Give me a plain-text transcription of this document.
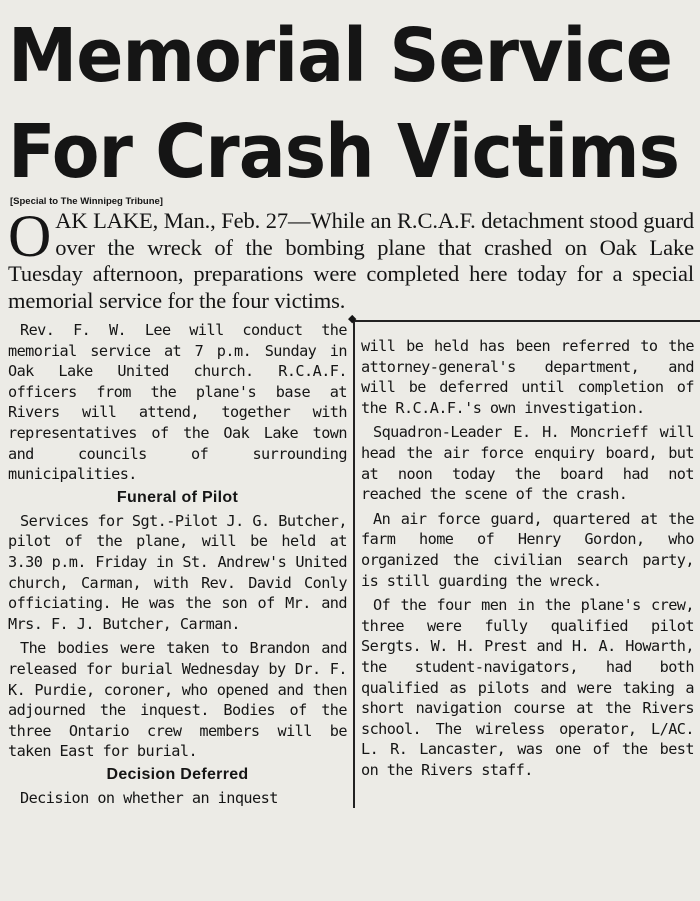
Memorial Service
For Crash Victims
[Special to The Winnipeg Tribune]
O AK LAKE, Man., Feb. 27—While an R.C.A.F. detachment stood guard over the wreck of the bombing plane that crashed on Oak Lake Tuesday afternoon, preparations were completed here today for a special memorial service for the four victims.

Rev. F. W. Lee will conduct the memorial service at 7 p.m. Sunday in Oak Lake United church. R.C.A.F. officers from the plane's base at Rivers will attend, together with representatives of the Oak Lake town and councils of surrounding municipalities.

Funeral of Pilot

Services for Sgt.-Pilot J. G. Butcher, pilot of the plane, will be held at 3.30 p.m. Friday in St. Andrew's United church, Carman, with Rev. David Conly officiating. He was the son of Mr. and Mrs. F. J. Butcher, Carman.

The bodies were taken to Brandon and released for burial Wednesday by Dr. F. K. Purdie, coroner, who opened and then adjourned the inquest. Bodies of the three Ontario crew members will be taken East for burial.

Decision Deferred

Decision on whether an inquest

◆

will be held has been referred to the attorney-general's department, and will be deferred until completion of the R.C.A.F.'s own investigation.

Squadron-Leader E. H. Moncrieff will head the air force enquiry board, but at noon today the board had not reached the scene of the crash.

An air force guard, quartered at the farm home of Henry Gordon, who organized the civilian search party, is still guarding the wreck.

Of the four men in the plane's crew, three were fully qualified pilot Sergts. W. H. Prest and H. A. Howarth, the student-navigators, had both qualified as pilots and were taking a short navigation course at the Rivers school. The wireless operator, L/AC. L. R. Lancaster, was one of the best on the Rivers staff.
